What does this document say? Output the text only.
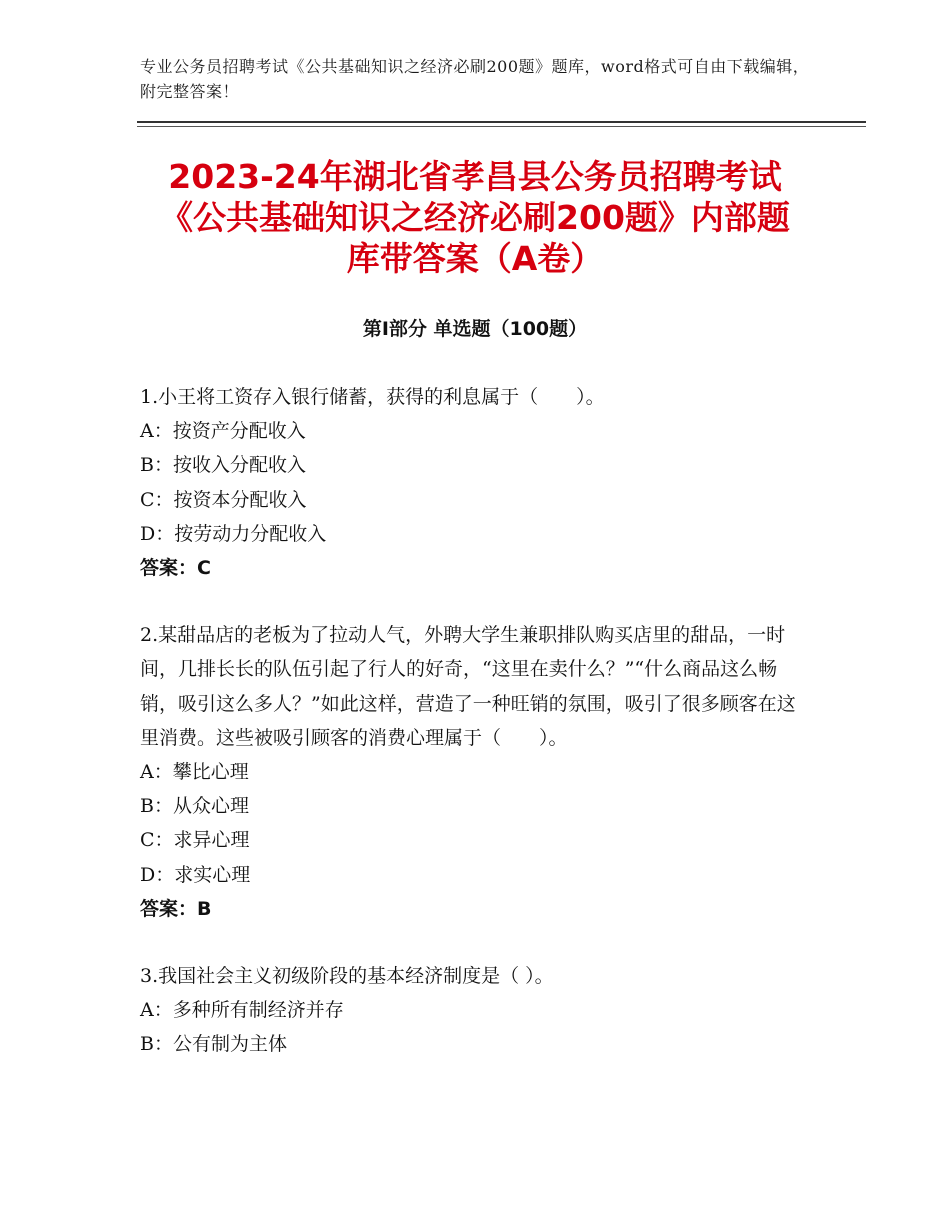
专业公务员招聘考试《公共基础知识之经济必刷200题》题库，word格式可自由下载编辑，附完整答案！
2023-24年湖北省孝昌县公务员招聘考试
《公共基础知识之经济必刷200题》内部题
库带答案（A卷）
第Ⅰ部分 单选题（100题）

1.小王将工资存入银行储蓄，获得的利息属于（　　）。

A：按资产分配收入

B：按收入分配收入

C：按资本分配收入

D：按劳动力分配收入

答案：C

2.某甜品店的老板为了拉动人气，外聘大学生兼职排队购买店里的甜品，一时间，几排长长的队伍引起了行人的好奇，“这里在卖什么？”“什么商品这么畅销，吸引这么多人？”如此这样，营造了一种旺销的氛围，吸引了很多顾客在这里消费。这些被吸引顾客的消费心理属于（　　）。

A：攀比心理

B：从众心理

C：求异心理

D：求实心理

答案：B

3.我国社会主义初级阶段的基本经济制度是（ ）。

A：多种所有制经济并存

B：公有制为主体
